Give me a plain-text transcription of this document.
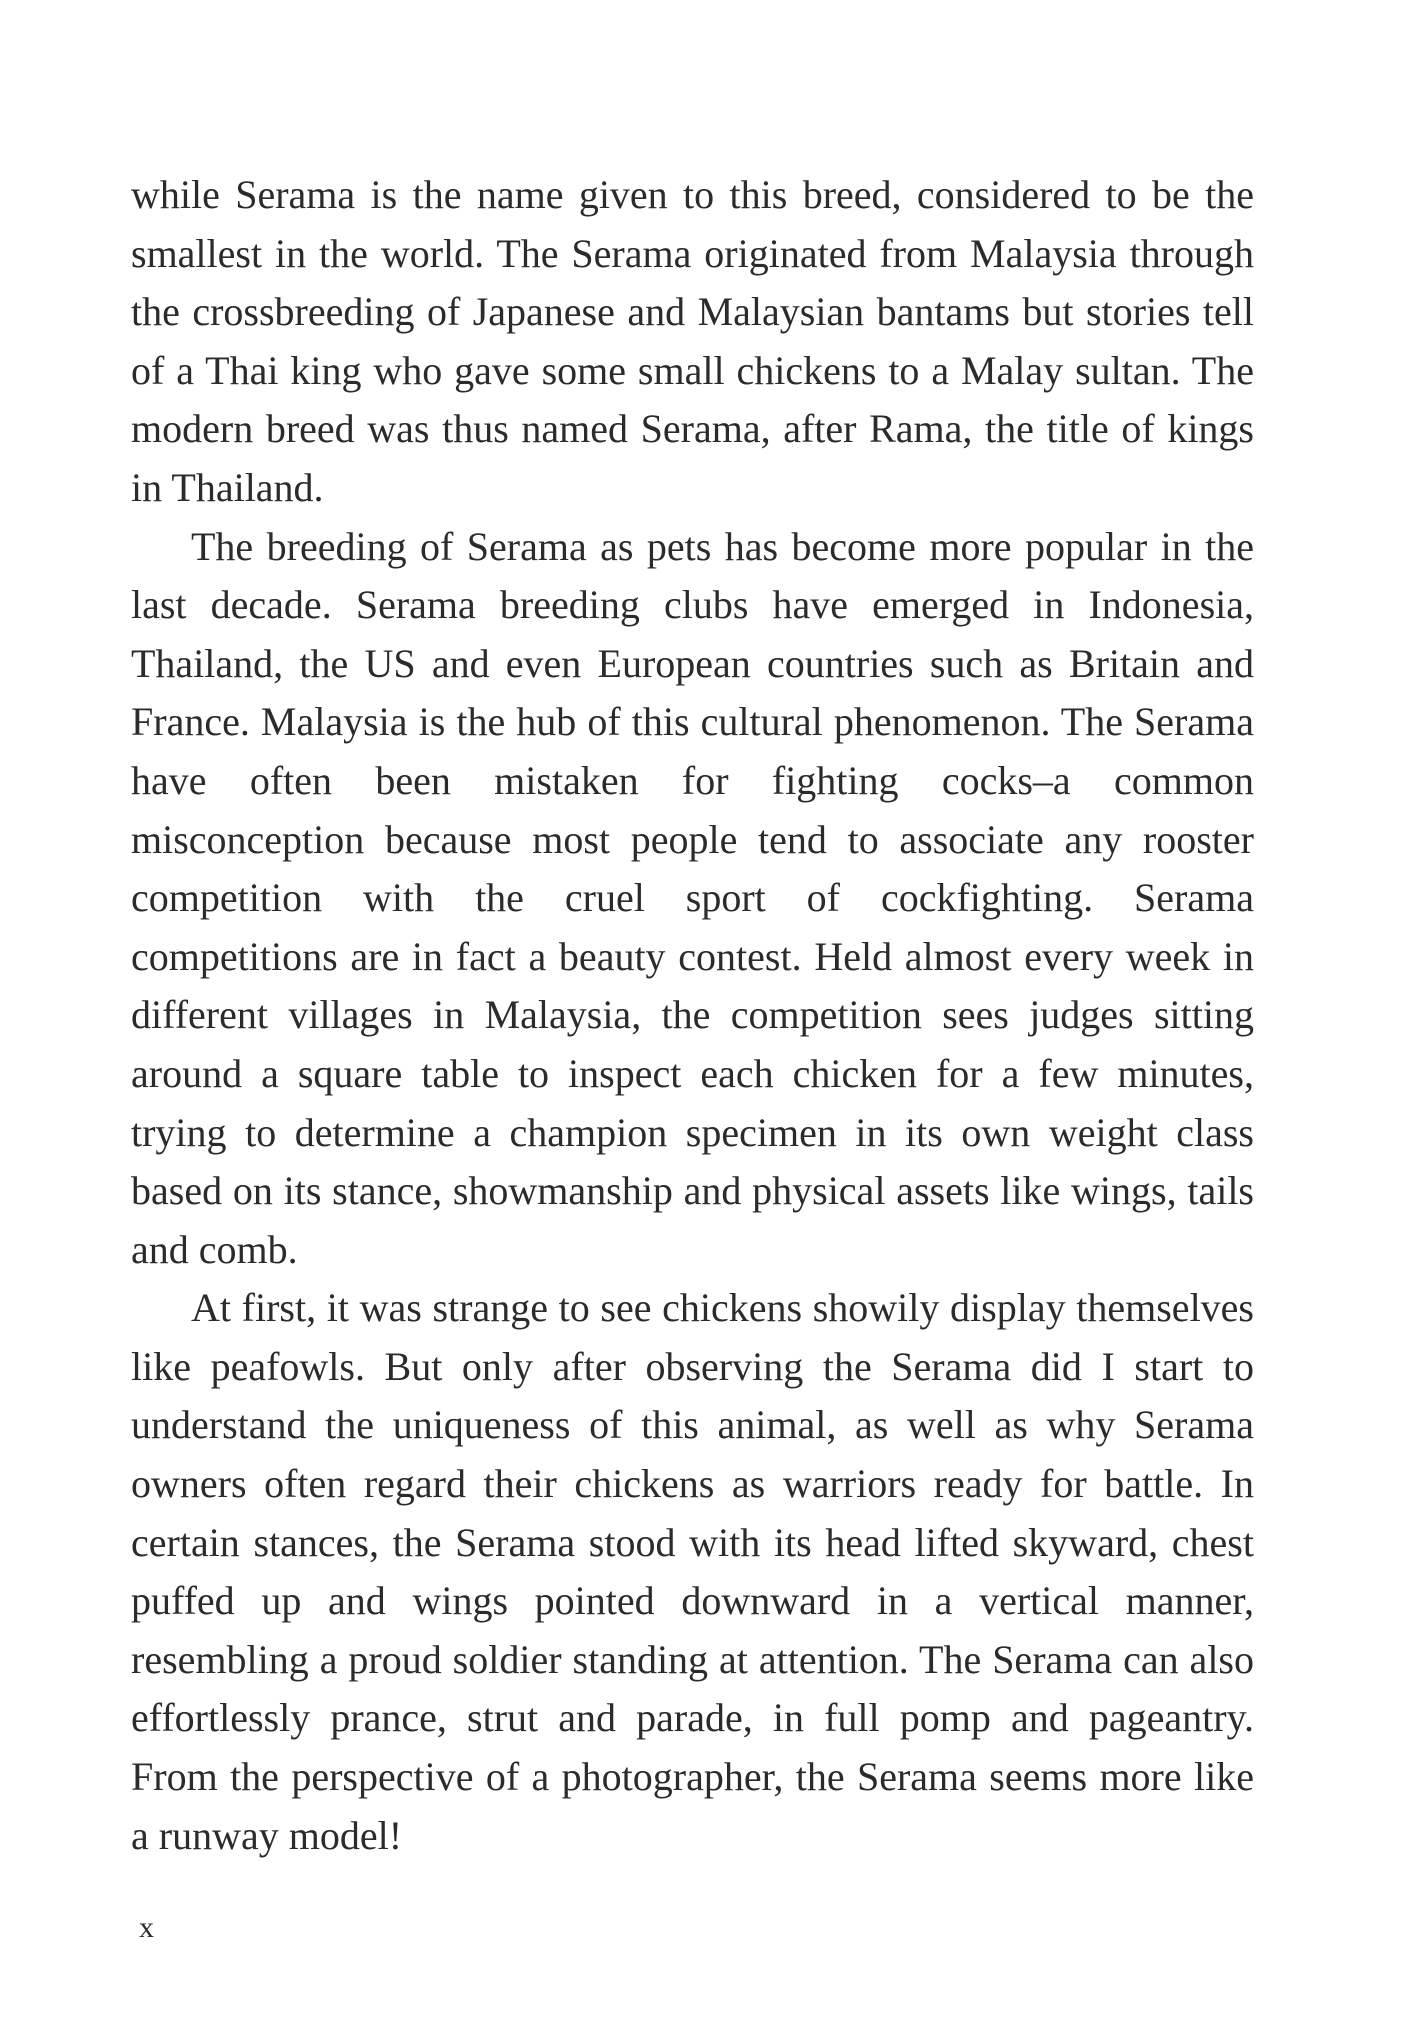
while Serama is the name given to this breed, considered to be the smallest in the world. The Serama originated from Malaysia through the crossbreeding of Japanese and Malaysian bantams but stories tell of a Thai king who gave some small chickens to a Malay sultan. The modern breed was thus named Serama, after Rama, the title of kings in Thailand.

The breeding of Serama as pets has become more popular in the last decade. Serama breeding clubs have emerged in Indonesia, Thailand, the US and even European countries such as Britain and France. Malaysia is the hub of this cultural phenomenon. The Serama have often been mistaken for fighting cocks–a common misconception because most people tend to associate any rooster competition with the cruel sport of cockfighting. Serama competitions are in fact a beauty contest. Held almost every week in different villages in Malaysia, the competition sees judges sitting around a square table to inspect each chicken for a few minutes, trying to determine a champion specimen in its own weight class based on its stance, showmanship and physical assets like wings, tails and comb.

At first, it was strange to see chickens showily display themselves like peafowls. But only after observing the Serama did I start to understand the uniqueness of this animal, as well as why Serama owners often regard their chickens as warriors ready for battle. In certain stances, the Serama stood with its head lifted skyward, chest puffed up and wings pointed downward in a vertical manner, resembling a proud soldier standing at attention. The Serama can also effortlessly prance, strut and parade, in full pomp and pageantry. From the perspective of a photographer, the Serama seems more like a runway model!

x
